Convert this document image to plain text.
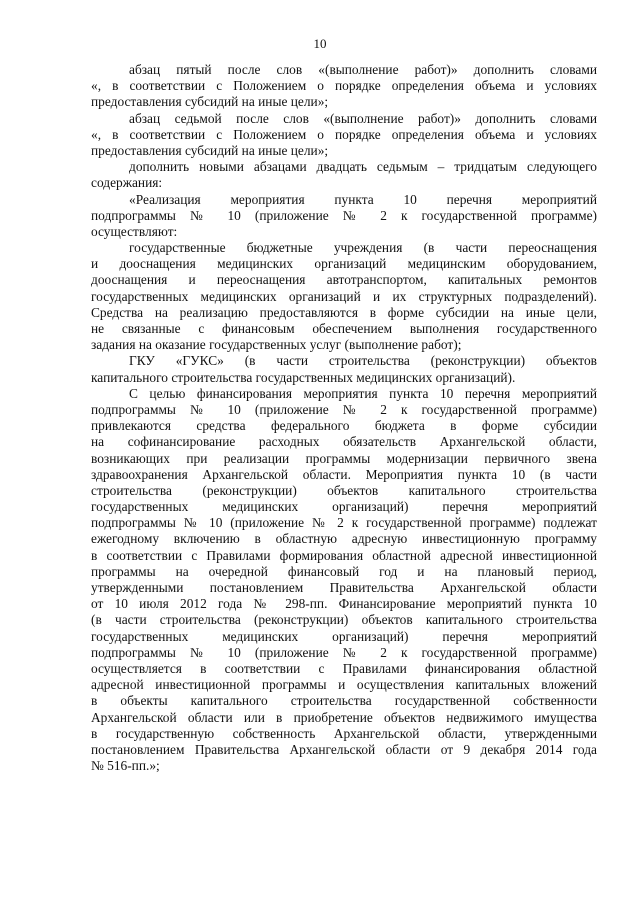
10
абзац пятый после слов «(выполнение работ)» дополнить словами
«, в соответствии с Положением о порядке определения объема и условиях
предоставления субсидий на иные цели»;
абзац седьмой после слов «(выполнение работ)» дополнить словами
«, в соответствии с Положением о порядке определения объема и условиях
предоставления субсидий на иные цели»;
дополнить новыми абзацами двадцать седьмым – тридцатым следующего
содержания:
«Реализация мероприятия пункта 10 перечня мероприятий
подпрограммы № 10 (приложение № 2 к государственной программе)
осуществляют:
государственные бюджетные учреждения (в части переоснащения
и дооснащения медицинских организаций медицинским оборудованием,
дооснащения и переоснащения автотранспортом, капитальных ремонтов
государственных медицинских организаций и их структурных подразделений).
Средства на реализацию предоставляются в форме субсидии на иные цели,
не связанные с финансовым обеспечением выполнения государственного
задания на оказание государственных услуг (выполнение работ);
ГКУ «ГУКС» (в части строительства (реконструкции) объектов
капитального строительства государственных медицинских организаций).
С целью финансирования мероприятия пункта 10 перечня мероприятий
подпрограммы № 10 (приложение № 2 к государственной программе)
привлекаются средства федерального бюджета в форме субсидии
на софинансирование расходных обязательств Архангельской области,
возникающих при реализации программы модернизации первичного звена
здравоохранения Архангельской области. Мероприятия пункта 10 (в части
строительства (реконструкции) объектов капитального строительства
государственных медицинских организаций) перечня мероприятий
подпрограммы № 10 (приложение № 2 к государственной программе) подлежат
ежегодному включению в областную адресную инвестиционную программу
в соответствии с Правилами формирования областной адресной инвестиционной
программы на очередной финансовый год и на плановый период,
утвержденными постановлением Правительства Архангельской области
от 10 июля 2012 года № 298-пп. Финансирование мероприятий пункта 10
(в части строительства (реконструкции) объектов капитального строительства
государственных медицинских организаций) перечня мероприятий
подпрограммы № 10 (приложение № 2 к государственной программе)
осуществляется в соответствии с Правилами финансирования областной
адресной инвестиционной программы и осуществления капитальных вложений
в объекты капитального строительства государственной собственности
Архангельской области или в приобретение объектов недвижимого имущества
в государственную собственность Архангельской области, утвержденными
постановлением Правительства Архангельской области от 9 декабря 2014 года
№ 516-пп.»;
